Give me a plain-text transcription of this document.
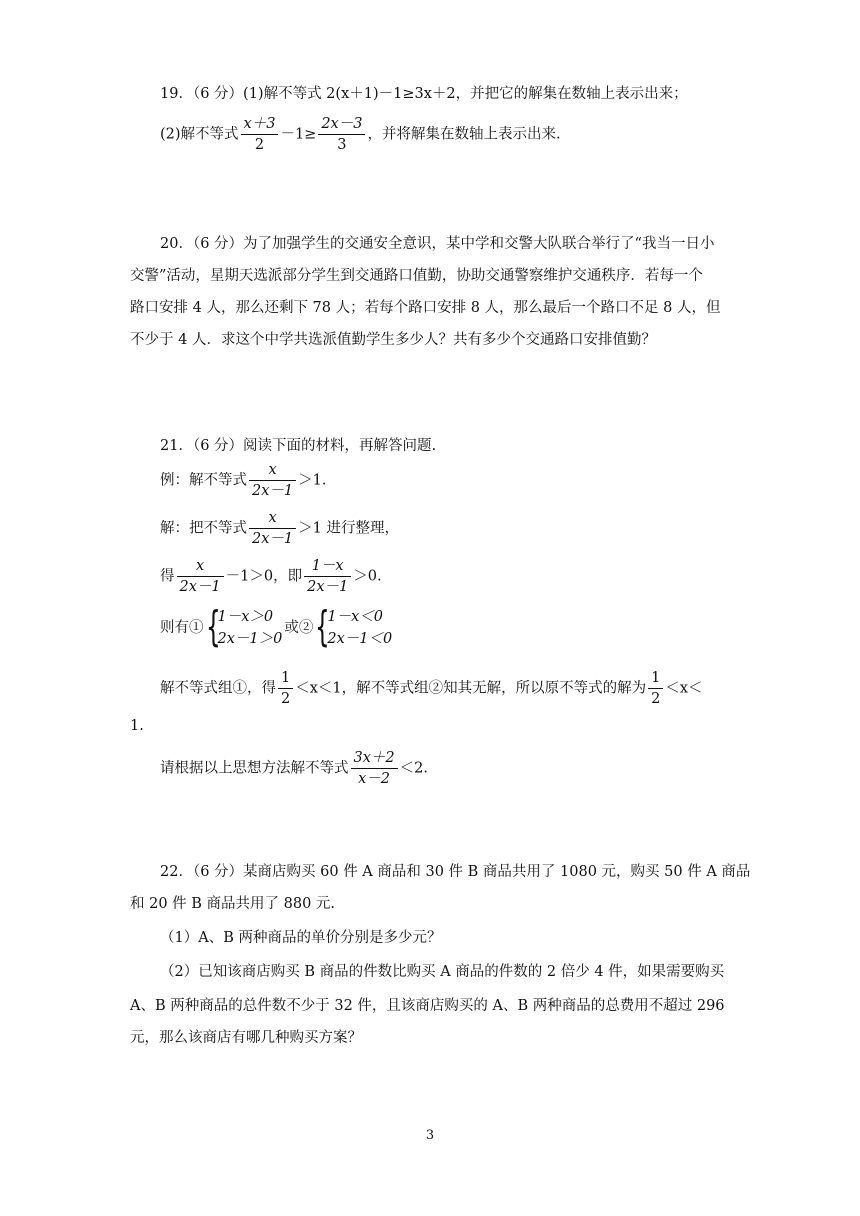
19．（6 分）(1)解不等式 2(x＋1)－1≥3x＋2，并把它的解集在数轴上表示出来；
(2)解不等式 $\frac{x+3}{2} -1\ge \frac{2x-3}{3}$ ，并将解集在数轴上表示出来.
20．（6 分）为了加强学生的交通安全意识，某中学和交警大队联合举行了“我当一日小
交警”活动，星期天选派部分学生到交通路口值勤，协助交通警察维护交通秩序．若每一个
路口安排 4 人，那么还剩下 78 人；若每个路口安排 8 人，那么最后一个路口不足 8 人，但
不少于 4 人．求这个中学共选派值勤学生多少人？共有多少个交通路口安排值勤？
21．（6 分）阅读下面的材料，再解答问题.
例：解不等式 $\frac{x}{2x-1} >1$.
解：把不等式 $\frac{x}{2x-1} >1$ 进行整理，
得 $\frac{x}{2x-1} -1>0$，即 $\frac{1-x}{2x-1} >0$.
则有① {
1－x＞0
2x－1＞0
或② {
1－x＜0
2x－1＜0
解不等式组①，得 $\frac{1}{2} <x<1$，解不等式组②知其无解，所以原不等式的解为 $\frac{1}{2} <x<$
1.
请根据以上思想方法解不等式 $\frac{3x+2}{x-2} <2$.
22．（6 分）某商店购买 60 件 A 商品和 30 件 B 商品共用了 1080 元，购买 50 件 A 商品
和 20 件 B 商品共用了 880 元.
（1）A、B 两种商品的单价分别是多少元？
（2）已知该商店购买 B 商品的件数比购买 A 商品的件数的 2 倍少 4 件，如果需要购买
A、B 两种商品的总件数不少于 32 件，且该商店购买的 A、B 两种商品的总费用不超过 296
元，那么该商店有哪几种购买方案？
3
